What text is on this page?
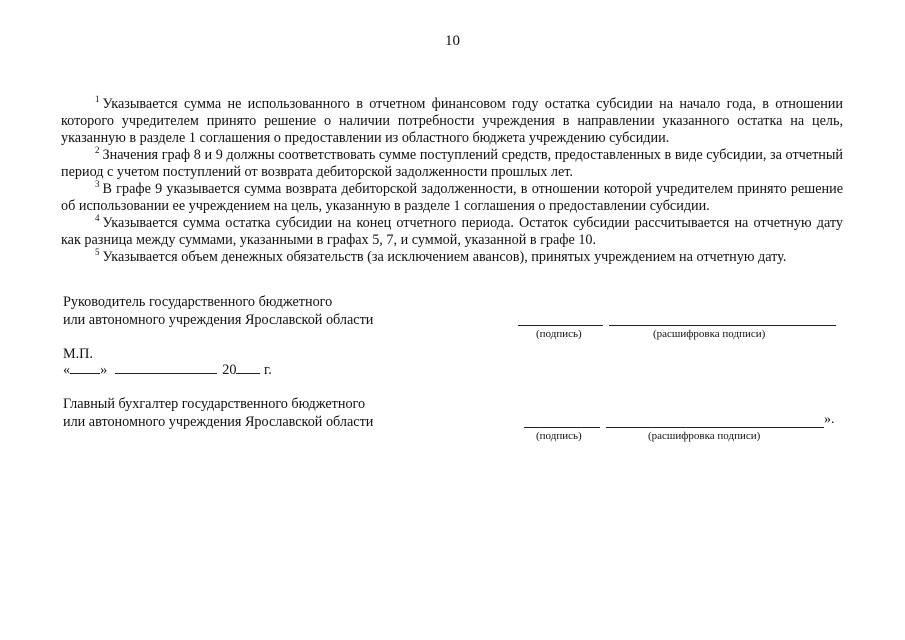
10

$^1$ Указывается сумма не использованного в отчетном финансовом году остатка субсидии на начало года, в отношении которого учредителем принято решение о наличии потребности учреждения в направлении указанного остатка на цель, указанную в разделе 1 соглашения о предоставлении из областного бюджета учреждению субсидии.

$^2$ Значения граф 8 и 9 должны соответствовать сумме поступлений средств, предоставленных в виде субсидии, за отчетный период с учетом поступлений от возврата дебиторской задолженности прошлых лет.

$^3$ В графе 9 указывается сумма возврата дебиторской задолженности, в отношении которой учредителем принято решение об использовании ее учреждением на цель, указанную в разделе 1 соглашения о предоставлении субсидии.

$^4$ Указывается сумма остатка субсидии на конец отчетного периода. Остаток субсидии рассчитывается на отчетную дату как разница между суммами, указанными в графах 5, 7, и суммой, указанной в графе 10.

$^5$ Указывается объем денежных обязательств (за исключением авансов), принятых учреждением на отчетную дату.

Руководитель государственного бюджетного
или автономного учреждения Ярославской области
(подпись)	(расшифровка подписи)
М.П.
« »	20 г.
Главный бухгалтер государственного бюджетного
или автономного учреждения Ярославской области	».
(подпись)	(расшифровка подписи)
